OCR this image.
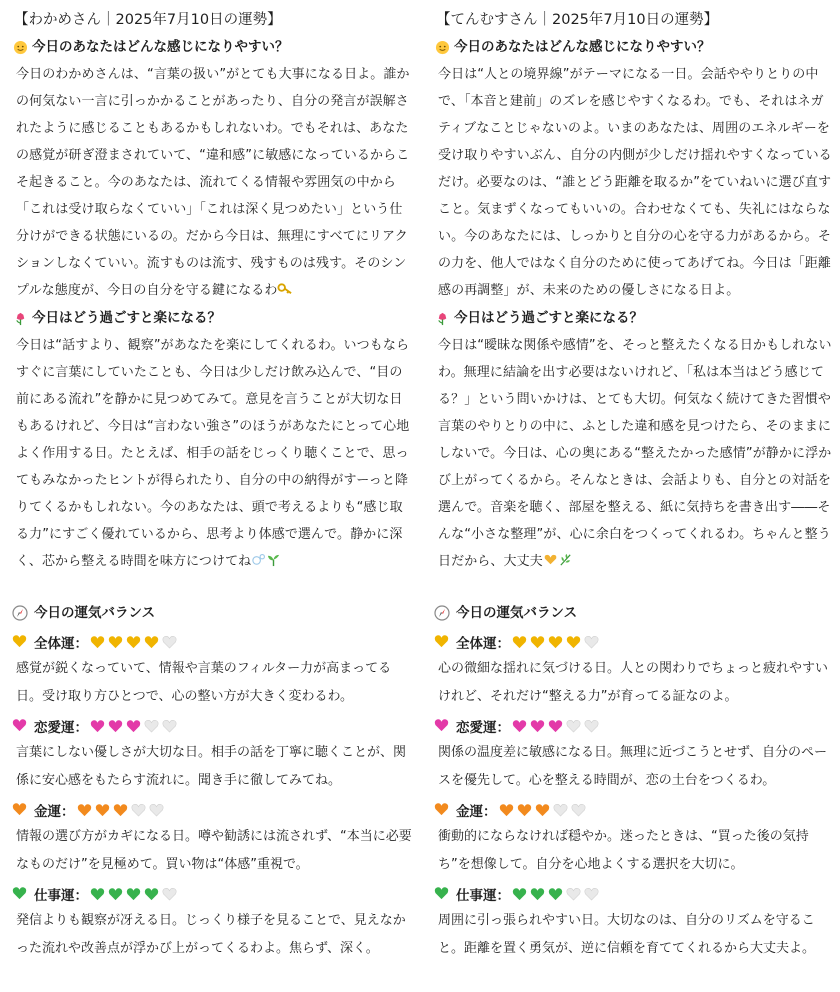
【わかめさん｜2025年7月10日の運勢】
今日のあなたはどんな感じになりやすい？
今日のわかめさんは、“言葉の扱い”がとても大事になる日よ。誰かの何気ない一言に引っかかることがあったり、自分の発言が誤解されたように感じることもあるかもしれないわ。でもそれは、あなたの感覚が研ぎ澄まされていて、“違和感”に敏感になっているからこそ起きること。今のあなたは、流れてくる情報や雰囲気の中から「これは受け取らなくていい」「これは深く見つめたい」という仕分けができる状態にいるの。だから今日は、無理にすべてにリアクションしなくていい。流すものは流す、残すものは残す。そのシンプルな態度が、今日の自分を守る鍵になるわ
今日はどう過ごすと楽になる？
今日は“話すより、観察”があなたを楽にしてくれるわ。いつもならすぐに言葉にしていたことも、今日は少しだけ飲み込んで、“目の前にある流れ”を静かに見つめてみて。意見を言うことが大切な日もあるけれど、今日は“言わない強さ”のほうがあなたにとって心地よく作用する日。たとえば、相手の話をじっくり聴くことで、思ってもみなかったヒントが得られたり、自分の中の納得がすーっと降りてくるかもしれない。今のあなたは、頭で考えるよりも“感じ取る力”にすごく優れているから、思考より体感で選んで。静かに深く、芯から整える時間を味方につけてね
今日の運気バランス
全体運：
感覚が鋭くなっていて、情報や言葉のフィルター力が高まってる日。受け取り方ひとつで、心の整い方が大きく変わるわ。
恋愛運：
言葉にしない優しさが大切な日。相手の話を丁寧に聴くことが、関係に安心感をもたらす流れに。聞き手に徹してみてね。
金運：
情報の選び方がカギになる日。噂や勧誘には流されず、“本当に必要なものだけ”を見極めて。買い物は“体感”重視で。
仕事運：
発信よりも観察が冴える日。じっくり様子を見ることで、見えなかった流れや改善点が浮かび上がってくるわよ。焦らず、深く。
【てんむすさん｜2025年7月10日の運勢】
今日のあなたはどんな感じになりやすい？
今日は“人との境界線”がテーマになる一日。会話ややりとりの中で、「本音と建前」のズレを感じやすくなるわ。でも、それはネガティブなことじゃないのよ。いまのあなたは、周囲のエネルギーを受け取りやすいぶん、自分の内側が少しだけ揺れやすくなっているだけ。必要なのは、“誰とどう距離を取るか”をていねいに選び直すこと。気まずくなってもいいの。合わせなくても、失礼にはならない。今のあなたには、しっかりと自分の心を守る力があるから。その力を、他人ではなく自分のために使ってあげてね。今日は「距離感の再調整」が、未来のための優しさになる日よ。
今日はどう過ごすと楽になる？
今日は“曖昧な関係や感情”を、そっと整えたくなる日かもしれないわ。無理に結論を出す必要はないけれど、「私は本当はどう感じてる？」という問いかけは、とても大切。何気なく続けてきた習慣や言葉のやりとりの中に、ふとした違和感を見つけたら、そのままにしないで。今日は、心の奥にある“整えたかった感情”が静かに浮かび上がってくるから。そんなときは、会話よりも、自分との対話を選んで。音楽を聴く、部屋を整える、紙に気持ちを書き出す――そんな“小さな整理”が、心に余白をつくってくれるわ。ちゃんと整う日だから、大丈夫
今日の運気バランス
全体運：
心の微細な揺れに気づける日。人との関わりでちょっと疲れやすいけれど、それだけ“整える力”が育ってる証なのよ。
恋愛運：
関係の温度差に敏感になる日。無理に近づこうとせず、自分のペースを優先して。心を整える時間が、恋の土台をつくるわ。
金運：
衝動的にならなければ穏やか。迷ったときは、“買った後の気持ち”を想像して。自分を心地よくする選択を大切に。
仕事運：
周囲に引っ張られやすい日。大切なのは、自分のリズムを守ること。距離を置く勇気が、逆に信頼を育ててくれるから大丈夫よ。
